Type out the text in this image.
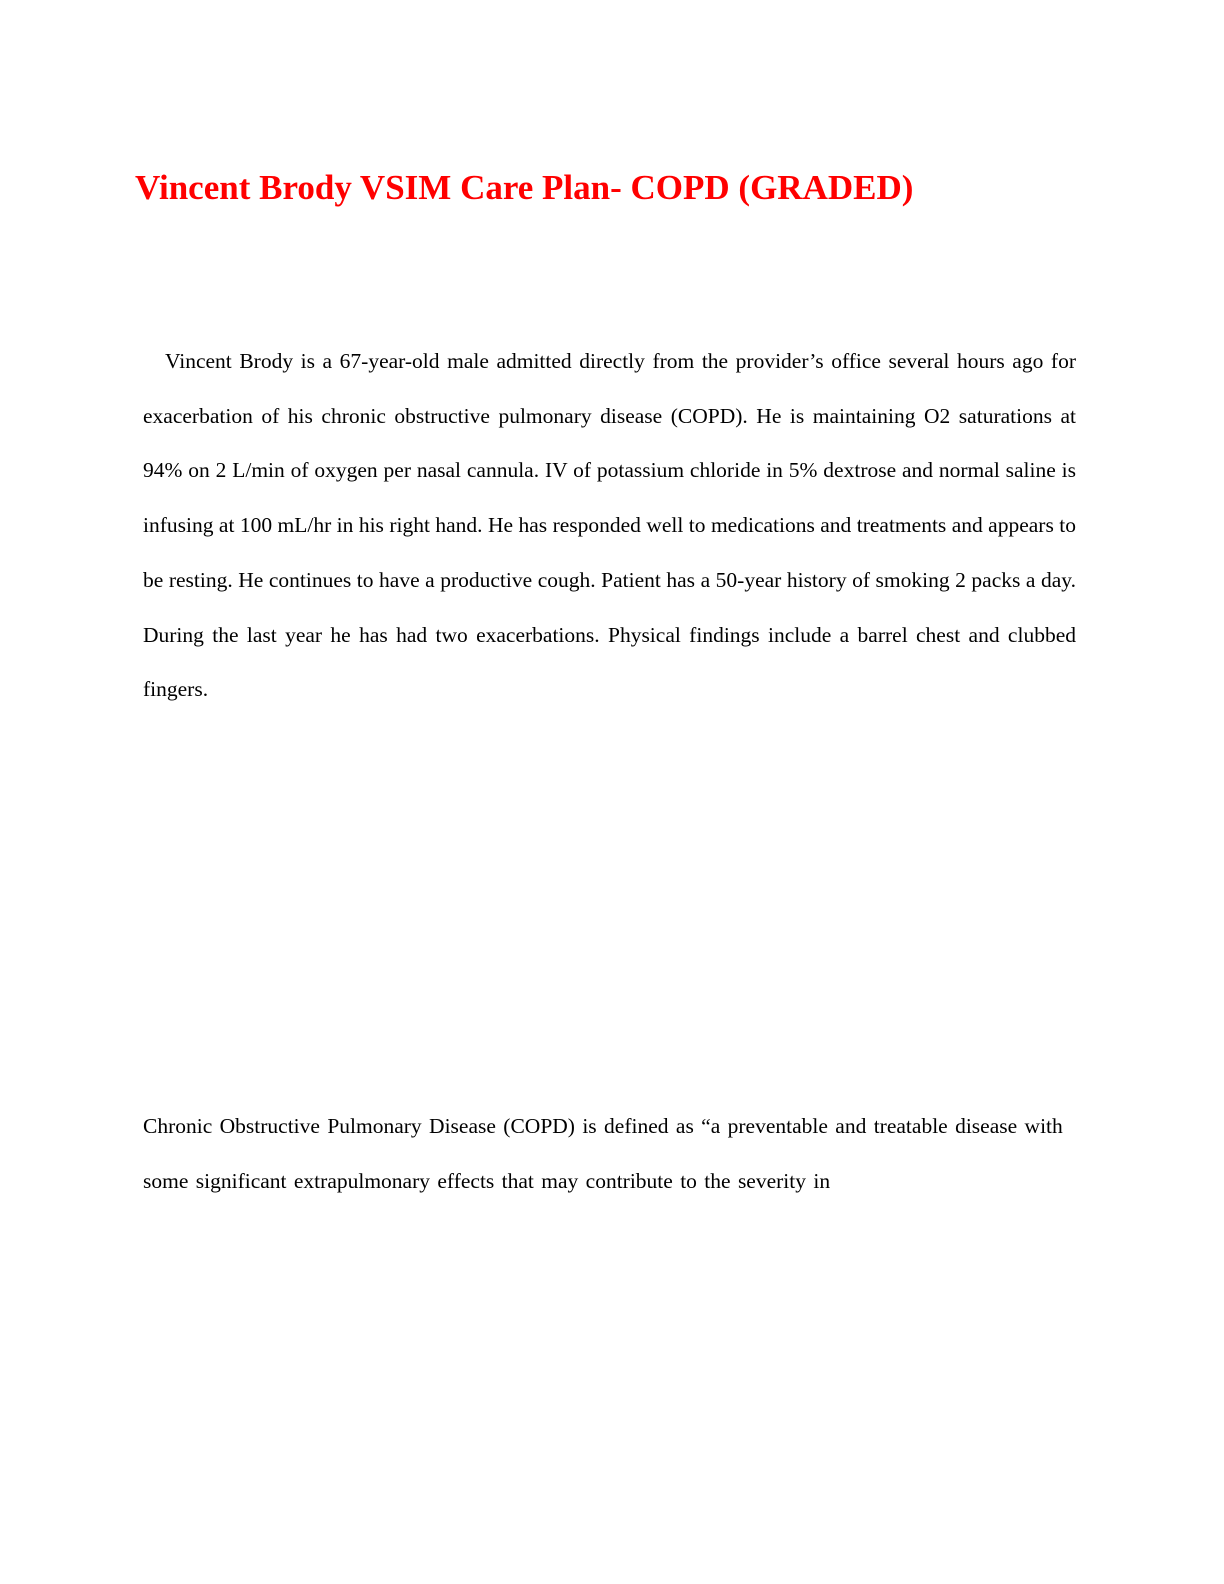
Vincent Brody VSIM Care Plan- COPD (GRADED)

Vincent Brody is a 67-year-old male admitted directly from the provider’s office several hours ago for exacerbation of his chronic obstructive pulmonary disease (COPD). He is maintaining O2 saturations at 94% on 2 L/min of oxygen per nasal cannula. IV of potassium chloride in 5% dextrose and normal saline is infusing at 100 mL/hr in his right hand. He has responded well to medications and treatments and appears to be resting. He continues to have a productive cough. Patient has a 50-year history of smoking 2 packs a day. During the last year he has had two exacerbations. Physical findings include a barrel chest and clubbed fingers.

Chronic Obstructive Pulmonary Disease (COPD) is defined as “a preventable and treatable disease with some significant extrapulmonary effects that may contribute to the severity in
